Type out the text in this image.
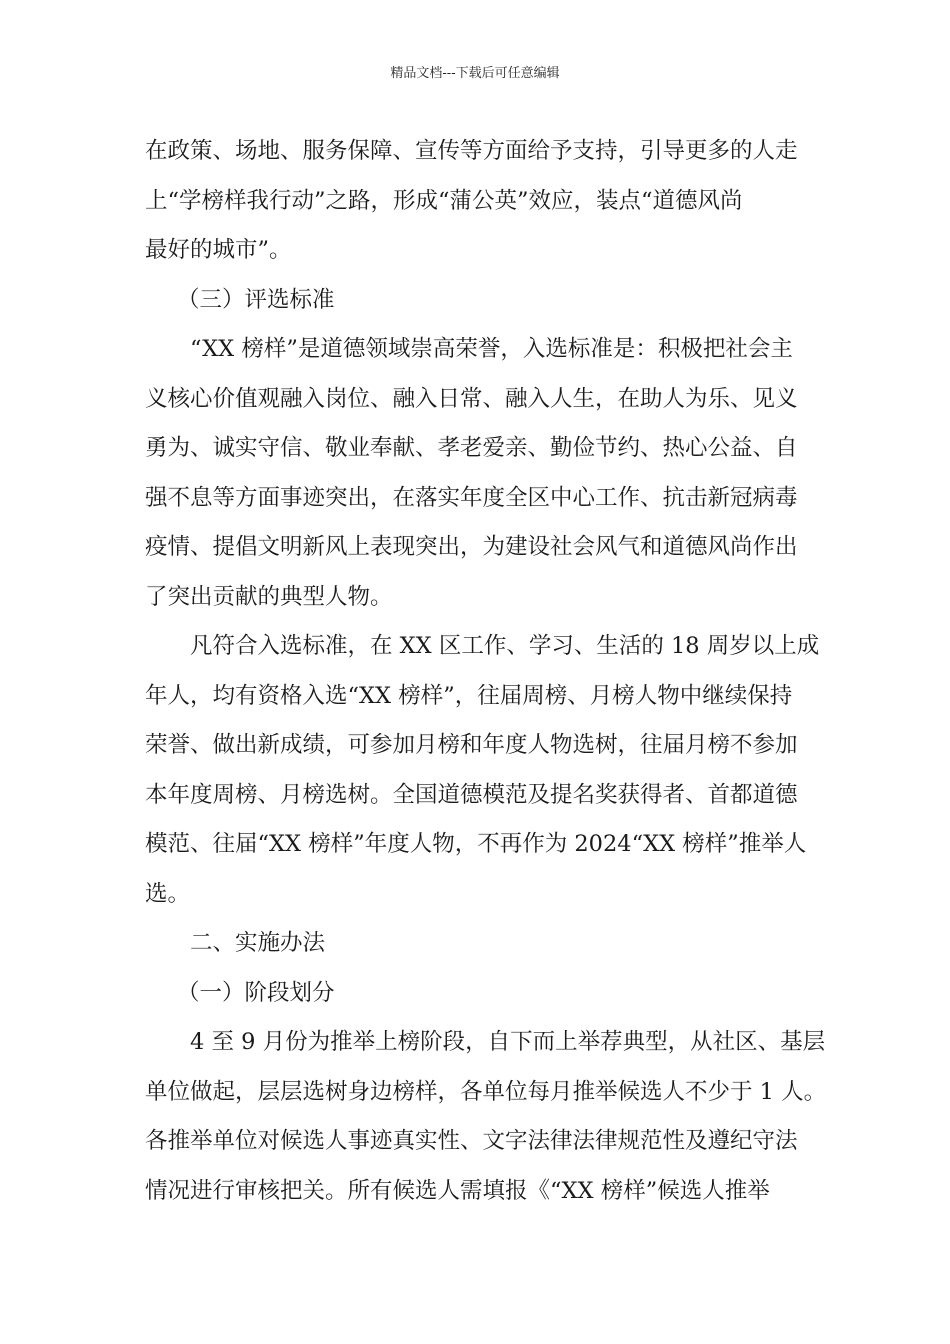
精品文档---下载后可任意编辑
在政策、场地、服务保障、宣传等方面给予支持，引导更多的人走
上“学榜样我行动”之路，形成“蒲公英”效应，装点“道德风尚
最好的城市”。
（三）评选标准
“XX 榜样”是道德领域崇高荣誉，入选标准是：积极把社会主
义核心价值观融入岗位、融入日常、融入人生，在助人为乐、见义
勇为、诚实守信、敬业奉献、孝老爱亲、勤俭节约、热心公益、自
强不息等方面事迹突出，在落实年度全区中心工作、抗击新冠病毒
疫情、提倡文明新风上表现突出，为建设社会风气和道德风尚作出
了突出贡献的典型人物。
凡符合入选标准，在 XX 区工作、学习、生活的 18 周岁以上成
年人，均有资格入选“XX 榜样”，往届周榜、月榜人物中继续保持
荣誉、做出新成绩，可参加月榜和年度人物选树，往届月榜不参加
本年度周榜、月榜选树。全国道德模范及提名奖获得者、首都道德
模范、往届“XX 榜样”年度人物，不再作为 2024“XX 榜样”推举人
选。
二、实施办法
（一）阶段划分
4 至 9 月份为推举上榜阶段，自下而上举荐典型，从社区、基层
单位做起，层层选树身边榜样，各单位每月推举候选人不少于 1 人。
各推举单位对候选人事迹真实性、文字法律法律规范性及遵纪守法
情况进行审核把关。所有候选人需填报《“XX 榜样”候选人推举
